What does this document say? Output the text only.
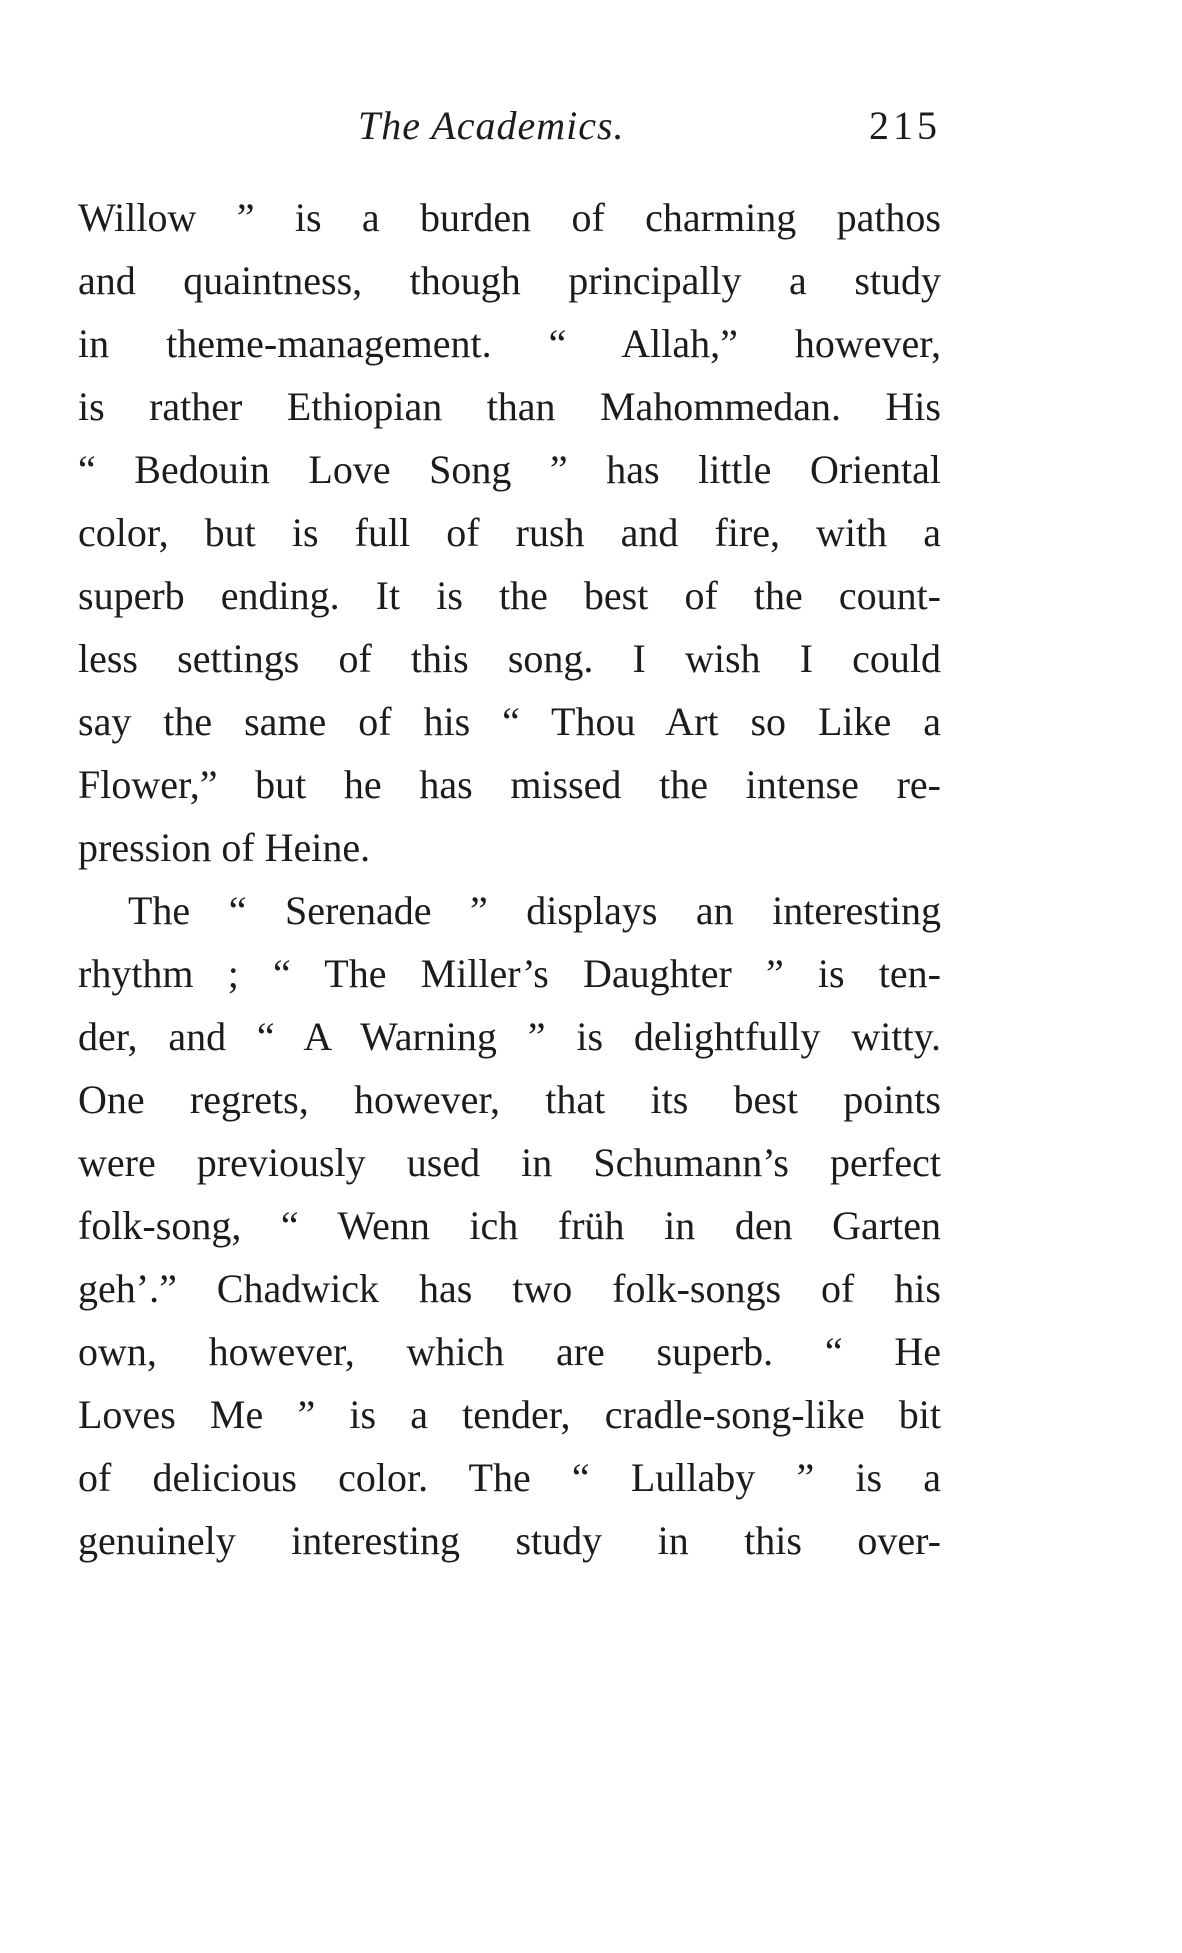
The Academics.	215
Willow ” is a burden of charming pathos
and quaintness, though principally a study
in theme-management. “ Allah,” however,
is rather Ethiopian than Mahommedan. His
“ Bedouin Love Song ” has little Oriental
color, but is full of rush and fire, with a
superb ending. It is the best of the count-
less settings of this song. I wish I could
say the same of his “ Thou Art so Like a
Flower,” but he has missed the intense re-
pression of Heine.
The “ Serenade ” displays an interesting
rhythm ; “ The Miller’s Daughter ” is ten-
der, and “ A Warning ” is delightfully witty.
One regrets, however, that its best points
were previously used in Schumann’s perfect
folk-song, “ Wenn ich früh in den Garten
geh’.” Chadwick has two folk-songs of his
own, however, which are superb. “ He
Loves Me ” is a tender, cradle-song-like bit
of delicious color. The “ Lullaby ” is a
genuinely interesting study in this over-
